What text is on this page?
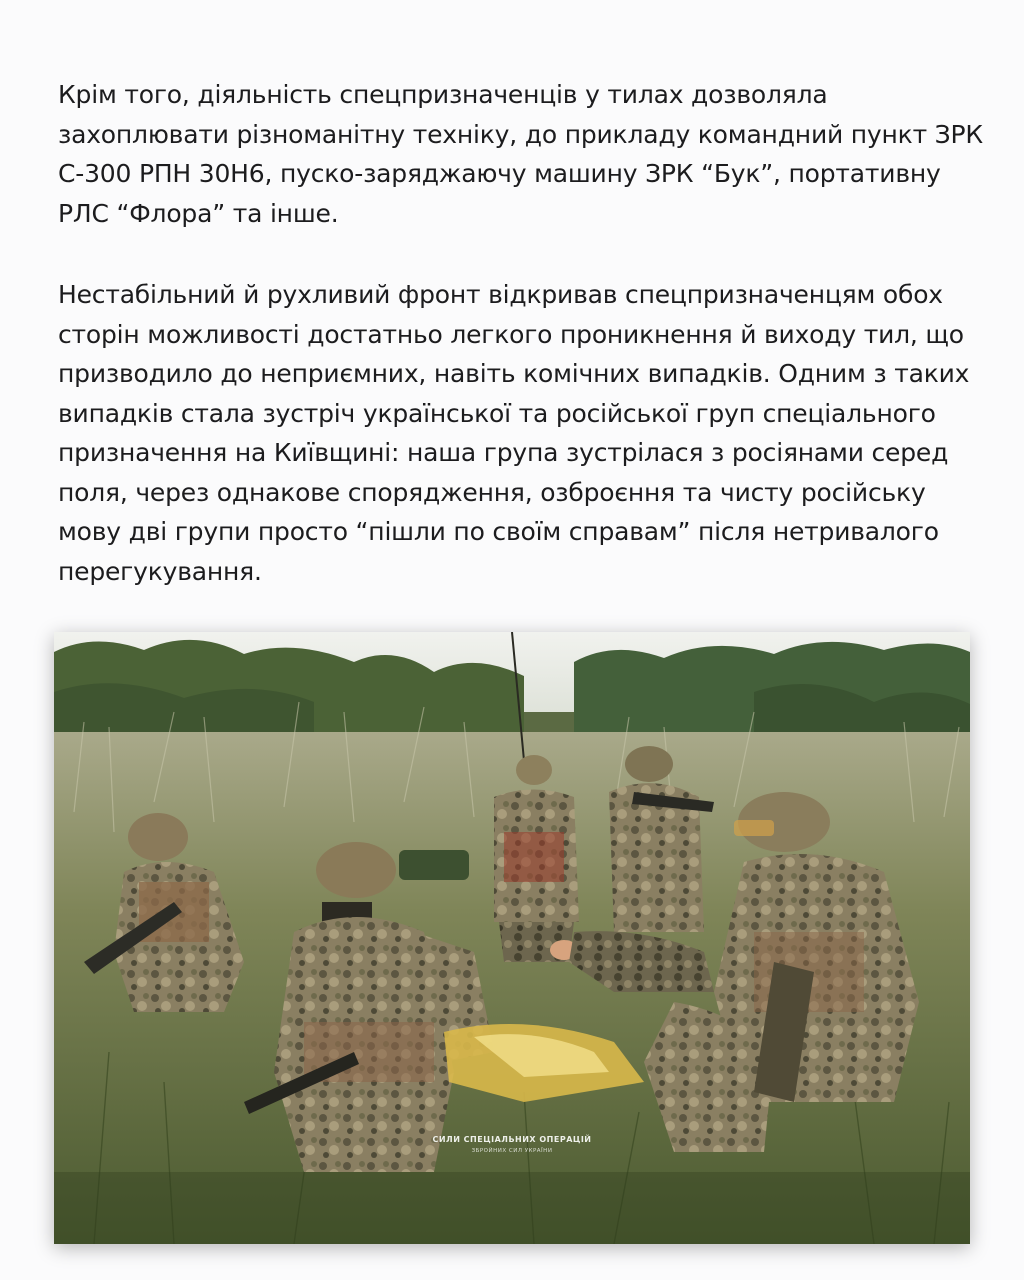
Крім того, діяльність спецпризначенців у тилах дозволяла
захоплювати різноманітну техніку, до прикладу командний пункт ЗРК
С-300 РПН 30Н6, пуско-заряджаючу машину ЗРК “Бук”, портативну
РЛС “Флора” та інше.

Нестабільний й рухливий фронт відкривав спецпризначенцям обох
сторін можливості достатньо легкого проникнення й виходу тил, що
призводило до неприємних, навіть комічних випадків. Одним з таких
випадків стала зустріч української та російської груп спеціального
призначення на Київщині: наша група зустрілася з росіянами серед
поля, через однакове спорядження, озброєння та чисту російську
мову дві групи просто “пішли по своїм справам” після нетривалого
перегукування.

СИЛИ СПЕЦІАЛЬНИХ ОПЕРАЦІЙ
ЗБРОЙНИХ СИЛ УКРАЇНИ
